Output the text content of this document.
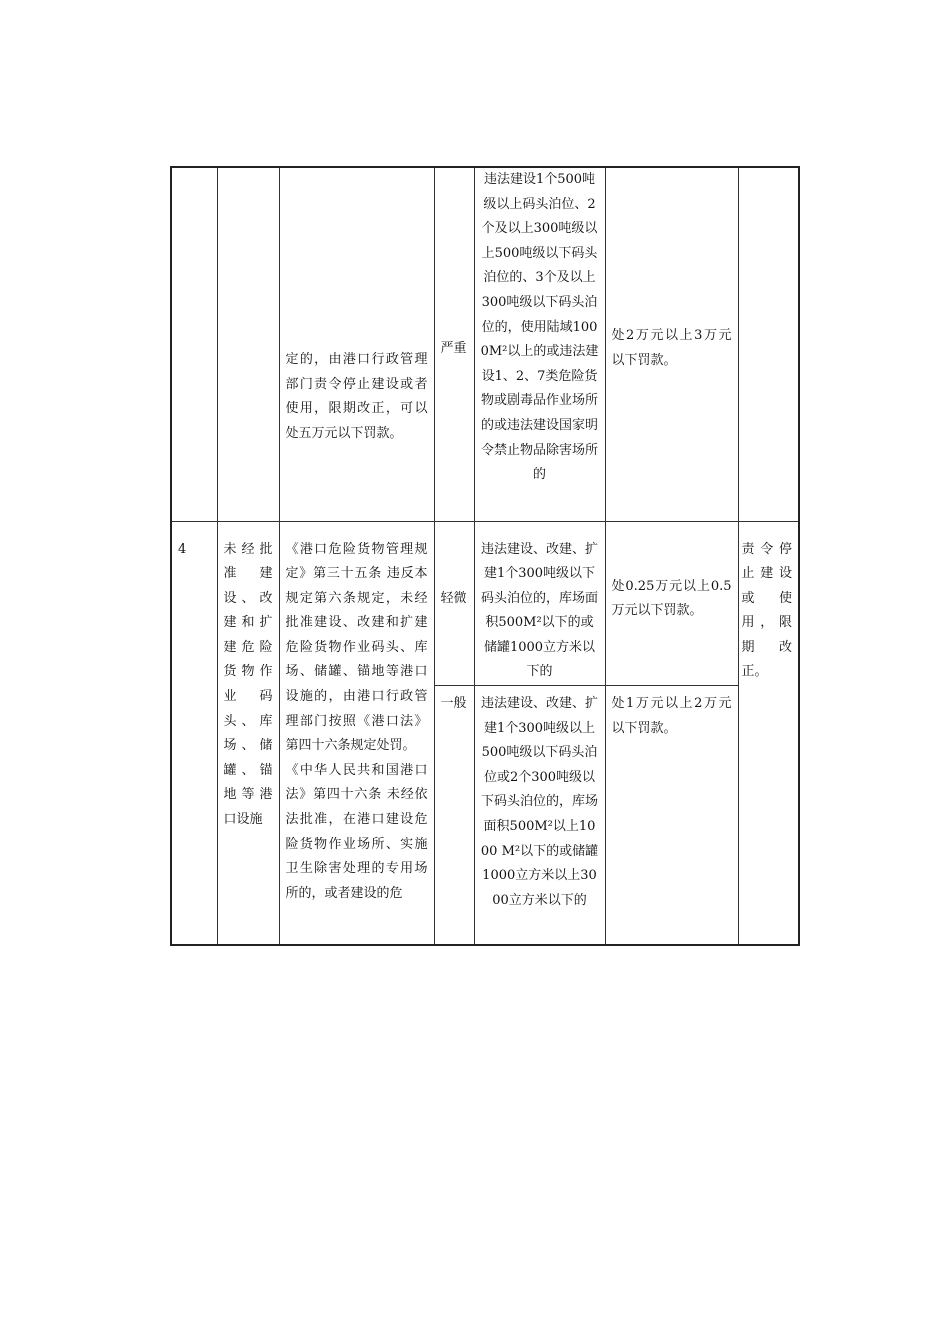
		定的，由港口行政管理部门责令停止建设或者使用，限期改正，可以处五万元以下罚款。	严重	违法建设1个500吨级以上码头泊位、2个及以上300吨级以上500吨级以下码头泊位的、3个及以上300吨级以下码头泊位的，使用陆域1000M²以上的或违法建设1、2、7类危险货物或剧毒品作业场所的或违法建设国家明令禁止物品除害场所的	处2万元以上3万元以下罚款。	

4	未经批准建设、改建和扩建危险货物作业码头、库场、储罐、锚地等港口设施	《港口危险货物管理规定》第三十五条 违反本规定第六条规定，未经批准建设、改建和扩建危险货物作业码头、库场、储罐、锚地等港口设施的，由港口行政管理部门按照《港口法》第四十六条规定处罚。
《中华人民共和国港口法》第四十六条 未经依法批准，在港口建设危险货物作业场所、实施卫生除害处理的专用场所的，或者建设的危	轻微	违法建设、改建、扩建1个300吨级以下码头泊位的，库场面积500M²以下的或储罐1000立方米以下的	处0.25万元以上0.5万元以下罚款。	责令停止建设或使用，限期改正。
			一般	违法建设、改建、扩建1个300吨级以上500吨级以下码头泊位或2个300吨级以下码头泊位的，库场面积500M²以上1000 M²以下的或储罐1000立方米以上3000立方米以下的	处1万元以上2万元以下罚款。	
